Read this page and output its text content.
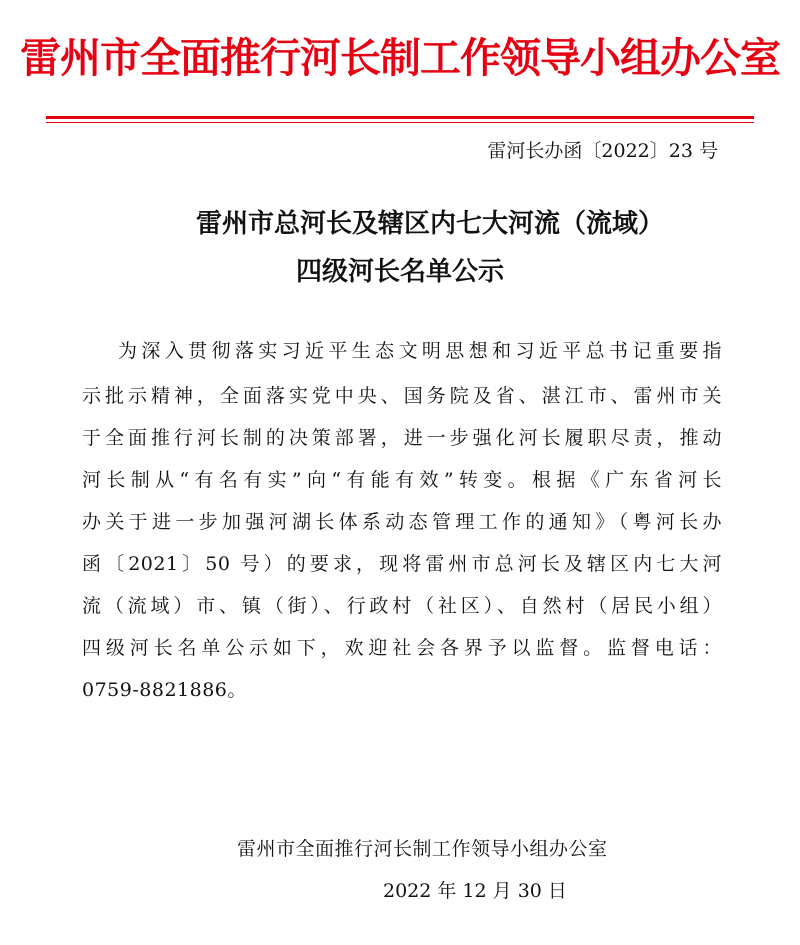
雷州市全面推行河长制工作领导小组办公室
雷河长办函〔2022〕23 号
雷州市总河长及辖区内七大河流（流域）
四级河长名单公示
为深入贯彻落实习近平生态文明思想和习近平总书记重要指
示批示精神，全面落实党中央、国务院及省、湛江市、雷州市关
于全面推行河长制的决策部署，进一步强化河长履职尽责，推动
河长制从“有名有实”向“有能有效”转变。根据《广东省河长
办关于进一步加强河湖长体系动态管理工作的通知》（粤河长办
函〔2021〕50 号）的要求，现将雷州市总河长及辖区内七大河
流（流域）市、镇（街）、行政村（社区）、自然村（居民小组）
四级河长名单公示如下，欢迎社会各界予以监督。监督电话：
0759-8821886。
雷州市全面推行河长制工作领导小组办公室
2022 年 12 月 30 日
